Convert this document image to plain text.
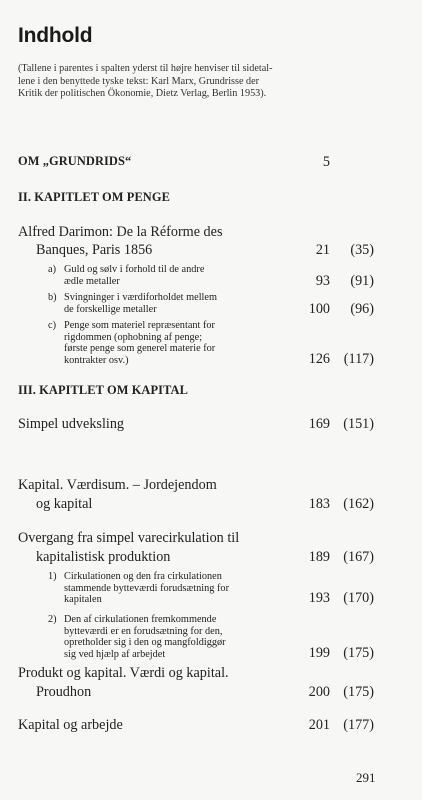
Indhold
(Tallene i parentes i spalten yderst til højre henviser til sidetal-
lene i den benyttede tyske tekst: Karl Marx, Grundrisse der
Kritik der politischen Ökonomie, Dietz Verlag, Berlin 1953).
OM „GRUNDRIDS“	5
II. KAPITLET OM PENGE
Alfred Darimon: De la Réforme des
Banques, Paris 1856	21	(35)
a) Guld og sølv i forhold til de andre
ædle metaller	93	(91)
b) Svingninger i værdiforholdet mellem
de forskellige metaller	100	(96)
c) Penge som materiel repræsentant for
rigdommen (ophobning af penge;
første penge som generel materie for
kontrakter osv.)	126 (117)
III. KAPITLET OM KAPITAL
Simpel udveksling	169 (151)
Kapital. Værdisum. – Jordejendom
og kapital	183 (162)
Overgang fra simpel varecirkulation til
kapitalistisk produktion	189 (167)
1) Cirkulationen og den fra cirkulationen
stammende bytteværdi forudsætning for
kapitalen	193 (170)
2) Den af cirkulationen fremkommende
bytteværdi er en forudsætning for den,
opretholder sig i den og mangfoldiggør
sig ved hjælp af arbejdet	199 (175)
Produkt og kapital. Værdi og kapital.
Proudhon	200 (175)
Kapital og arbejde	201 (177)
291
